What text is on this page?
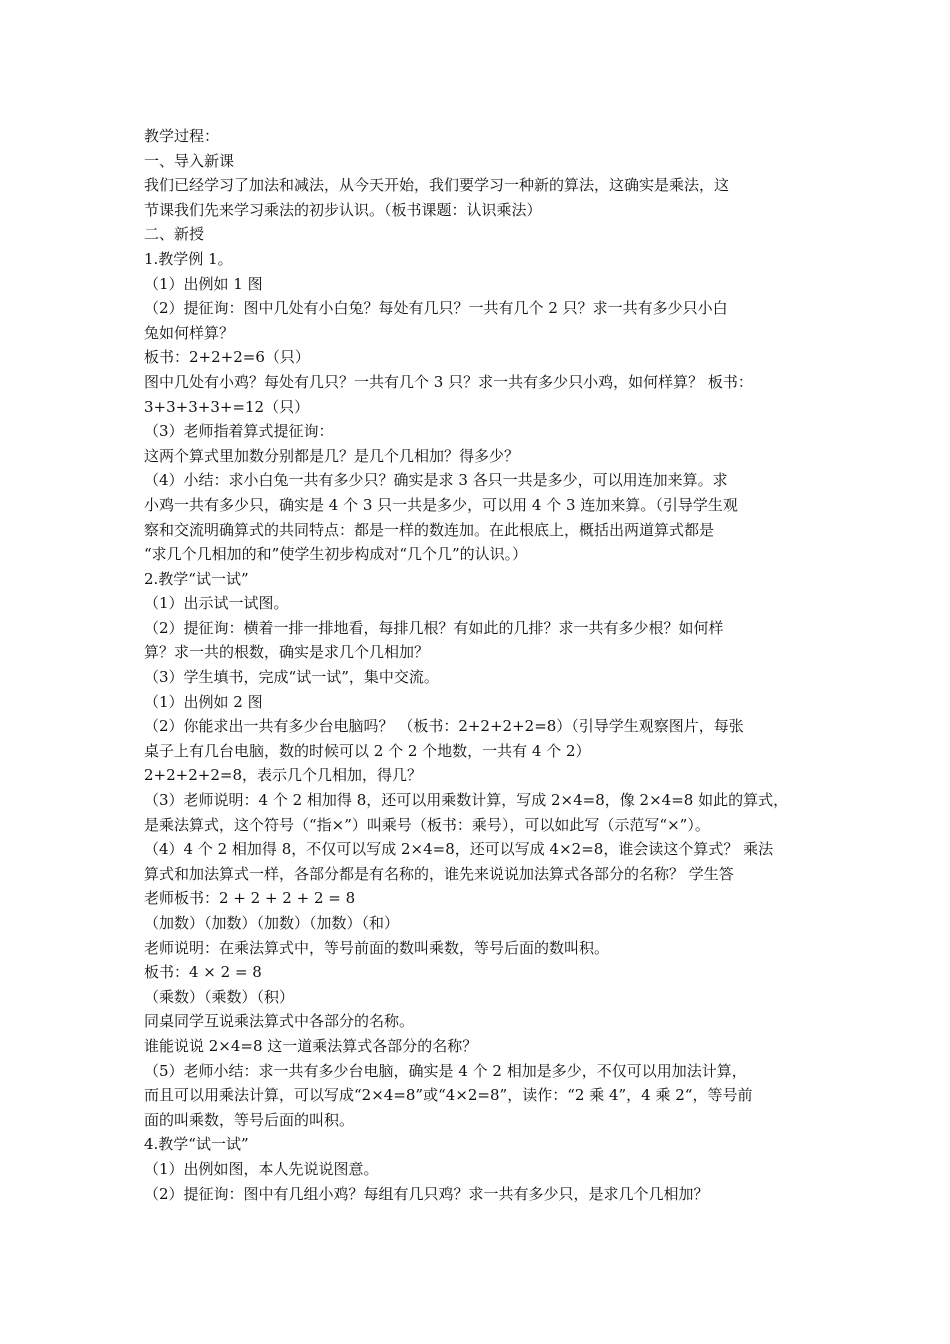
教学过程：
一、导入新课
我们已经学习了加法和减法，从今天开始，我们要学习一种新的算法，这确实是乘法，这
节课我们先来学习乘法的初步认识。（板书课题：认识乘法）
二、新授
1.教学例 1。
（1）出例如 1 图
（2）提征询：图中几处有小白兔？每处有几只？一共有几个 2 只？求一共有多少只小白
兔如何样算？
板书：2+2+2=6（只）
图中几处有小鸡？每处有几只？一共有几个 3 只？求一共有多少只小鸡，如何样算？ 板书：
3+3+3+3+=12（只）
（3）老师指着算式提征询：
这两个算式里加数分别都是几？是几个几相加？得多少？
（4）小结：求小白兔一共有多少只？确实是求 3 各只一共是多少，可以用连加来算。求
小鸡一共有多少只，确实是 4 个 3 只一共是多少，可以用 4 个 3 连加来算。（引导学生观
察和交流明确算式的共同特点：都是一样的数连加。在此根底上，概括出两道算式都是
“求几个几相加的和”使学生初步构成对“几个几”的认识。）
2.教学“试一试”
（1）出示试一试图。
（2）提征询：横着一排一排地看，每排几根？有如此的几排？求一共有多少根？如何样
算？求一共的根数，确实是求几个几相加？
（3）学生填书，完成“试一试”，集中交流。
（1）出例如 2 图
（2）你能求出一共有多少台电脑吗？ （板书：2+2+2+2=8）（引导学生观察图片，每张
桌子上有几台电脑，数的时候可以 2 个 2 个地数，一共有 4 个 2）
2+2+2+2=8，表示几个几相加，得几？
（3）老师说明：4 个 2 相加得 8，还可以用乘数计算，写成 2×4=8，像 2×4=8 如此的算式，
是乘法算式，这个符号（“指×”）叫乘号（板书：乘号），可以如此写（示范写“×”）。
（4）4 个 2 相加得 8，不仅可以写成 2×4=8，还可以写成 4×2=8，谁会读这个算式？ 乘法
算式和加法算式一样，各部分都是有名称的，谁先来说说加法算式各部分的名称？ 学生答
老师板书：2 + 2 + 2 + 2 = 8
（加数）（加数）（加数）（加数）（和）
老师说明：在乘法算式中，等号前面的数叫乘数，等号后面的数叫积。
板书：4 × 2 = 8
（乘数）（乘数）（积）
同桌同学互说乘法算式中各部分的名称。
谁能说说 2×4=8 这一道乘法算式各部分的名称？
（5）老师小结：求一共有多少台电脑，确实是 4 个 2 相加是多少，不仅可以用加法计算，
而且可以用乘法计算，可以写成“2×4=8”或“4×2=8”，读作：“2 乘 4”，4 乘 2“，等号前
面的叫乘数，等号后面的叫积。
4.教学“试一试”
（1）出例如图，本人先说说图意。
（2）提征询：图中有几组小鸡？每组有几只鸡？求一共有多少只，是求几个几相加？
